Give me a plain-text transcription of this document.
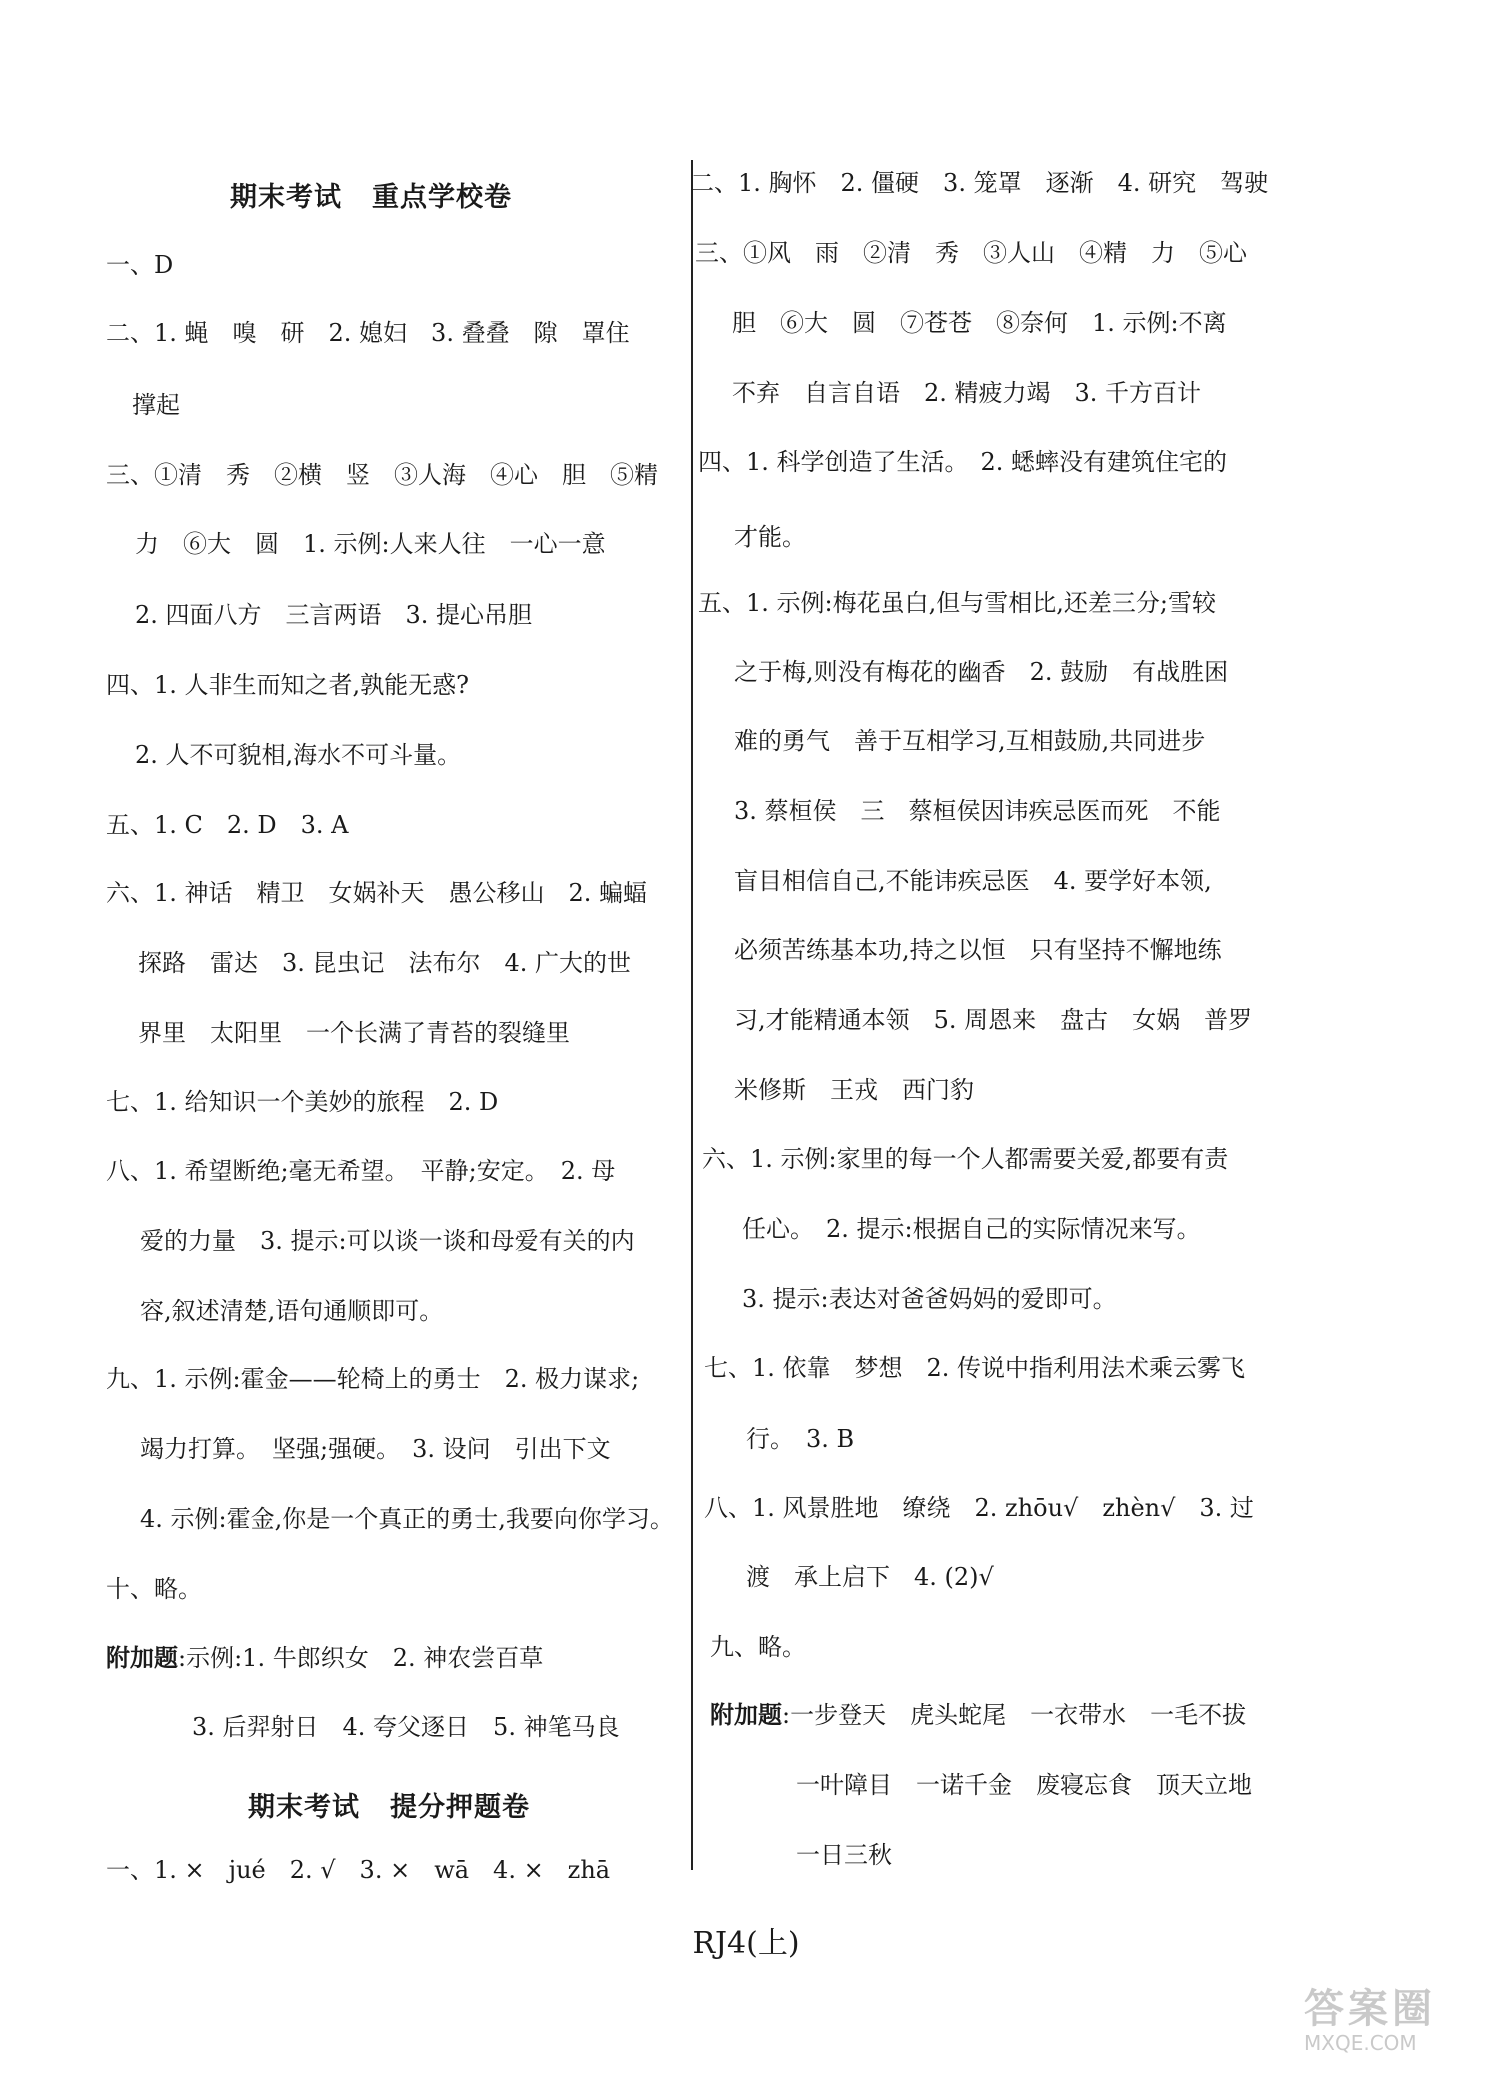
期末考试 重点学校卷
一、D
二、1. 蝇　嗅　研　2. 媳妇　3. 叠叠　隙　罩住
撑起
三、①清　秀　②横　竖　③人海　④心　胆　⑤精
力　⑥大　圆　1. 示例:人来人往　一心一意
2. 四面八方　三言两语　3. 提心吊胆
四、1. 人非生而知之者,孰能无惑?
2. 人不可貌相,海水不可斗量。
五、1. C　2. D　3. A
六、1. 神话　精卫　女娲补天　愚公移山　2. 蝙蝠
探路　雷达　3. 昆虫记　法布尔　4. 广大的世
界里　太阳里　一个长满了青苔的裂缝里
七、1. 给知识一个美妙的旅程　2. D
八、1. 希望断绝;毫无希望。　平静;安定。　2. 母
爱的力量　3. 提示:可以谈一谈和母爱有关的内
容,叙述清楚,语句通顺即可。
九、1. 示例:霍金——轮椅上的勇士　2. 极力谋求;
竭力打算。　坚强;强硬。　3. 设问　引出下文
4. 示例:霍金,你是一个真正的勇士,我要向你学习。
十、略。
附加题:示例:1. 牛郎织女　2. 神农尝百草
3. 后羿射日　4. 夸父逐日　5. 神笔马良
期末考试 提分押题卷
一、1. ×　jué　2. √　3. ×　wā　4. ×　zhā
二、1. 胸怀　2. 僵硬　3. 笼罩　逐渐　4. 研究　驾驶
三、①风　雨　②清　秀　③人山　④精　力　⑤心
胆　⑥大　圆　⑦苍苍　⑧奈何　1. 示例:不离
不弃　自言自语　2. 精疲力竭　3. 千方百计
四、1. 科学创造了生活。　2. 蟋蟀没有建筑住宅的
才能。
五、1. 示例:梅花虽白,但与雪相比,还差三分;雪较
之于梅,则没有梅花的幽香　2. 鼓励　有战胜困
难的勇气　善于互相学习,互相鼓励,共同进步
3. 蔡桓侯　三　蔡桓侯因讳疾忌医而死　不能
盲目相信自己,不能讳疾忌医　4. 要学好本领,
必须苦练基本功,持之以恒　只有坚持不懈地练
习,才能精通本领　5. 周恩来　盘古　女娲　普罗
米修斯　王戎　西门豹
六、1. 示例:家里的每一个人都需要关爱,都要有责
任心。　2. 提示:根据自己的实际情况来写。
3. 提示:表达对爸爸妈妈的爱即可。
七、1. 依靠　梦想　2. 传说中指利用法术乘云雾飞
行。　3. B
八、1. 风景胜地　缭绕　2. zhōu√　zhèn√　3. 过
渡　承上启下　4. (2)√
九、略。
附加题:一步登天　虎头蛇尾　一衣带水　一毛不拔
一叶障目　一诺千金　废寝忘食　顶天立地
一日三秋
RJ4(上)
答案圈
MXQE.COM
